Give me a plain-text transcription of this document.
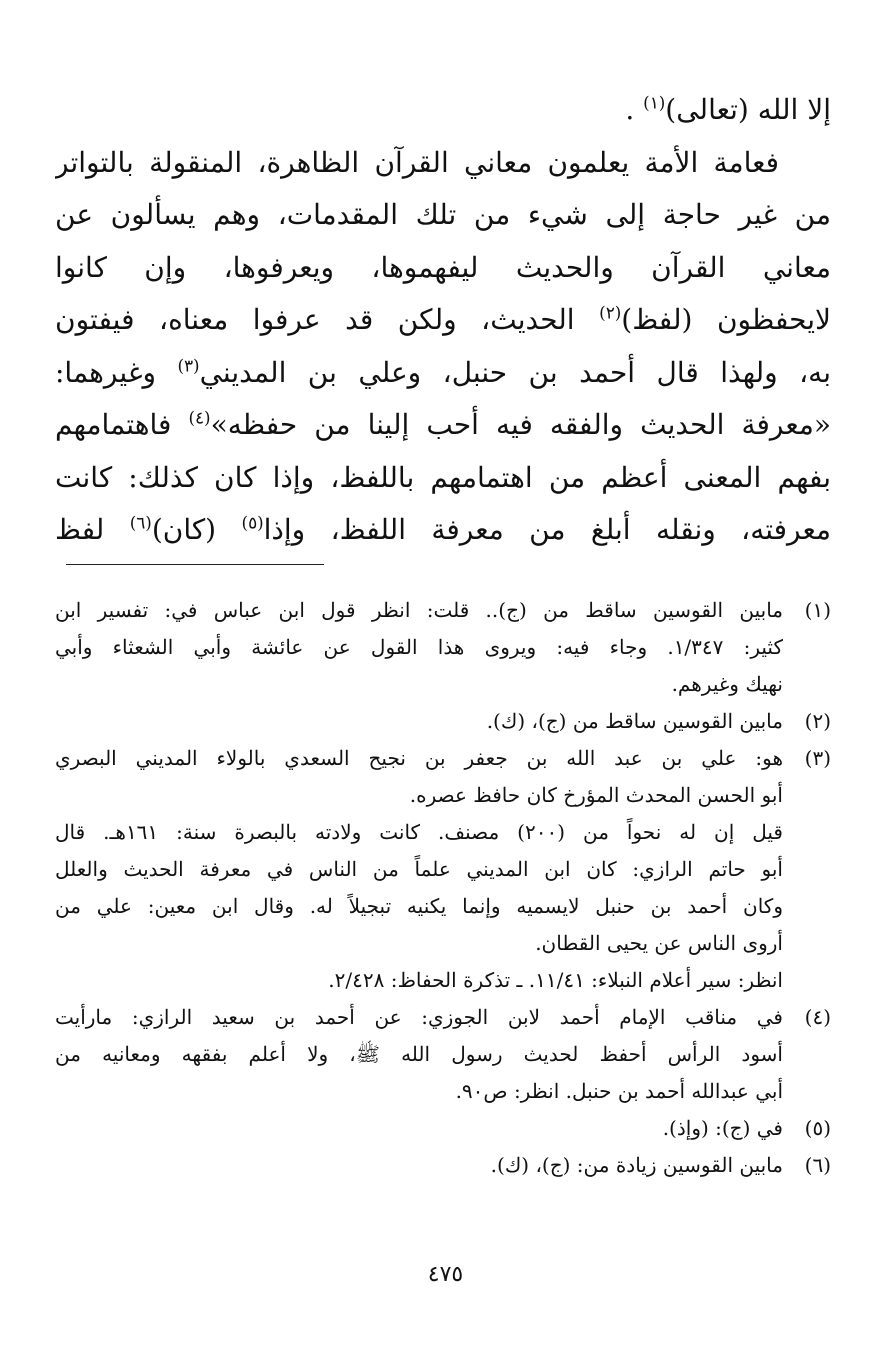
إلا الله (تعالى)$^{(١)}$ .
فعامة الأمة يعلمون معاني القرآن الظاهرة، المنقولة بالتواتر
من غير حاجة إلى شيء من تلك المقدمات، وهم يسألون عن
معاني القرآن والحديث ليفهموها، ويعرفوها، وإن كانوا
لايحفظون (لفظ)$^{(٢)}$ الحديث، ولكن قد عرفوا معناه، فيفتون
به، ولهذا قال أحمد بن حنبل، وعلي بن المديني$^{(٣)}$ وغيرهما:
«معرفة الحديث والفقه فيه أحب إلينا من حفظه»$^{(٤)}$ فاهتمامهم
بفهم المعنى أعظم من اهتمامهم باللفظ، وإذا كان كذلك: كانت
معرفته، ونقله أبلغ من معرفة اللفظ، وإذا$^{(٥)}$ (كان)$^{(٦)}$ لفظ
(١)
مابين القوسين ساقط من (ج).. قلت: انظر قول ابن عباس في: تفسير ابن
كثير: ١/٣٤٧. وجاء فيه: ويروى هذا القول عن عائشة وأبي الشعثاء وأبي
نهيك وغيرهم.
(٢)
مابين القوسين ساقط من (ج)، (ك).
(٣)
هو: علي بن عبد الله بن جعفر بن نجيح السعدي بالولاء المديني البصري
أبو الحسن المحدث المؤرخ كان حافظ عصره.
قيل إن له نحواً من (٢٠٠) مصنف. كانت ولادته بالبصرة سنة: ١٦١هـ. قال
أبو حاتم الرازي: كان ابن المديني علماً من الناس في معرفة الحديث والعلل
وكان أحمد بن حنبل لايسميه وإنما يكنيه تبجيلاً له. وقال ابن معين: علي من
أروى الناس عن يحيى القطان.
انظر: سير أعلام النبلاء: ١١/٤١. ـ تذكرة الحفاظ: ٢/٤٢٨.
(٤)
في مناقب الإمام أحمد لابن الجوزي: عن أحمد بن سعيد الرازي: مارأيت
أسود الرأس أحفظ لحديث رسول الله ﷺ، ولا أعلم بفقهه ومعانيه من
أبي عبدالله أحمد بن حنبل. انظر: ص٩٠.
(٥)
في (ج): (وإذ).
(٦)
مابين القوسين زيادة من: (ج)، (ك).
٤٧٥
